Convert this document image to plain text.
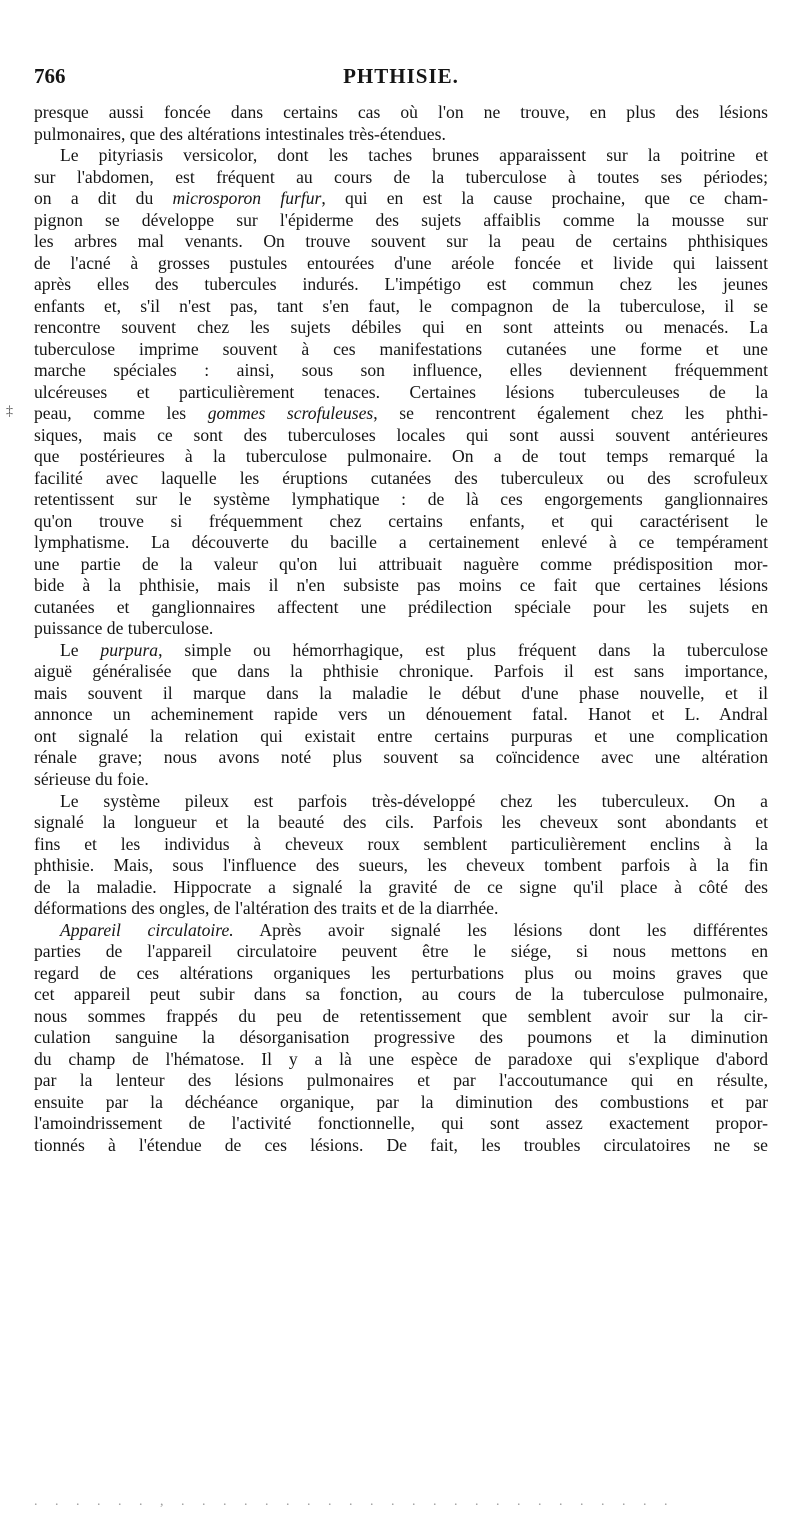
766	PHTHISIE.
‡
presque aussi foncée dans certains cas où l'on ne trouve, en plus des lésions
pulmonaires, que des altérations intestinales très-étendues.
Le pityriasis versicolor, dont les taches brunes apparaissent sur la poitrine et
sur l'abdomen, est fréquent au cours de la tuberculose à toutes ses périodes;
on a dit du microsporon furfur, qui en est la cause prochaine, que ce cham-
pignon se développe sur l'épiderme des sujets affaiblis comme la mousse sur
les arbres mal venants. On trouve souvent sur la peau de certains phthisiques
de l'acné à grosses pustules entourées d'une aréole foncée et livide qui laissent
après elles des tubercules indurés. L'impétigo est commun chez les jeunes
enfants et, s'il n'est pas, tant s'en faut, le compagnon de la tuberculose, il se
rencontre souvent chez les sujets débiles qui en sont atteints ou menacés. La
tuberculose imprime souvent à ces manifestations cutanées une forme et une
marche spéciales : ainsi, sous son influence, elles deviennent fréquemment
ulcéreuses et particulièrement tenaces. Certaines lésions tuberculeuses de la
peau, comme les gommes scrofuleuses, se rencontrent également chez les phthi-
siques, mais ce sont des tuberculoses locales qui sont aussi souvent antérieures
que postérieures à la tuberculose pulmonaire. On a de tout temps remarqué la
facilité avec laquelle les éruptions cutanées des tuberculeux ou des scrofuleux
retentissent sur le système lymphatique : de là ces engorgements ganglionnaires
qu'on trouve si fréquemment chez certains enfants, et qui caractérisent le
lymphatisme. La découverte du bacille a certainement enlevé à ce tempérament
une partie de la valeur qu'on lui attribuait naguère comme prédisposition mor-
bide à la phthisie, mais il n'en subsiste pas moins ce fait que certaines lésions
cutanées et ganglionnaires affectent une prédilection spéciale pour les sujets en
puissance de tuberculose.
Le purpura, simple ou hémorrhagique, est plus fréquent dans la tuberculose
aiguë généralisée que dans la phthisie chronique. Parfois il est sans importance,
mais souvent il marque dans la maladie le début d'une phase nouvelle, et il
annonce un acheminement rapide vers un dénouement fatal. Hanot et L. Andral
ont signalé la relation qui existait entre certains purpuras et une complication
rénale grave; nous avons noté plus souvent sa coïncidence avec une altération
sérieuse du foie.
Le système pileux est parfois très-développé chez les tuberculeux. On a
signalé la longueur et la beauté des cils. Parfois les cheveux sont abondants et
fins et les individus à cheveux roux semblent particulièrement enclins à la
phthisie. Mais, sous l'influence des sueurs, les cheveux tombent parfois à la fin
de la maladie. Hippocrate a signalé la gravité de ce signe qu'il place à côté des
déformations des ongles, de l'altération des traits et de la diarrhée.
Appareil circulatoire. Après avoir signalé les lésions dont les différentes
parties de l'appareil circulatoire peuvent être le siége, si nous mettons en
regard de ces altérations organiques les perturbations plus ou moins graves que
cet appareil peut subir dans sa fonction, au cours de la tuberculose pulmonaire,
nous sommes frappés du peu de retentissement que semblent avoir sur la cir-
culation sanguine la désorganisation progressive des poumons et la diminution
du champ de l'hématose. Il y a là une espèce de paradoxe qui s'explique d'abord
par la lenteur des lésions pulmonaires et par l'accoutumance qui en résulte,
ensuite par la déchéance organique, par la diminution des combustions et par
l'amoindrissement de l'activité fonctionnelle, qui sont assez exactement propor-
tionnés à l'étendue de ces lésions. De fait, les troubles circulatoires ne se
. . . . . . , . . . . . . . . . . . . . . . . . . . . . . . .
